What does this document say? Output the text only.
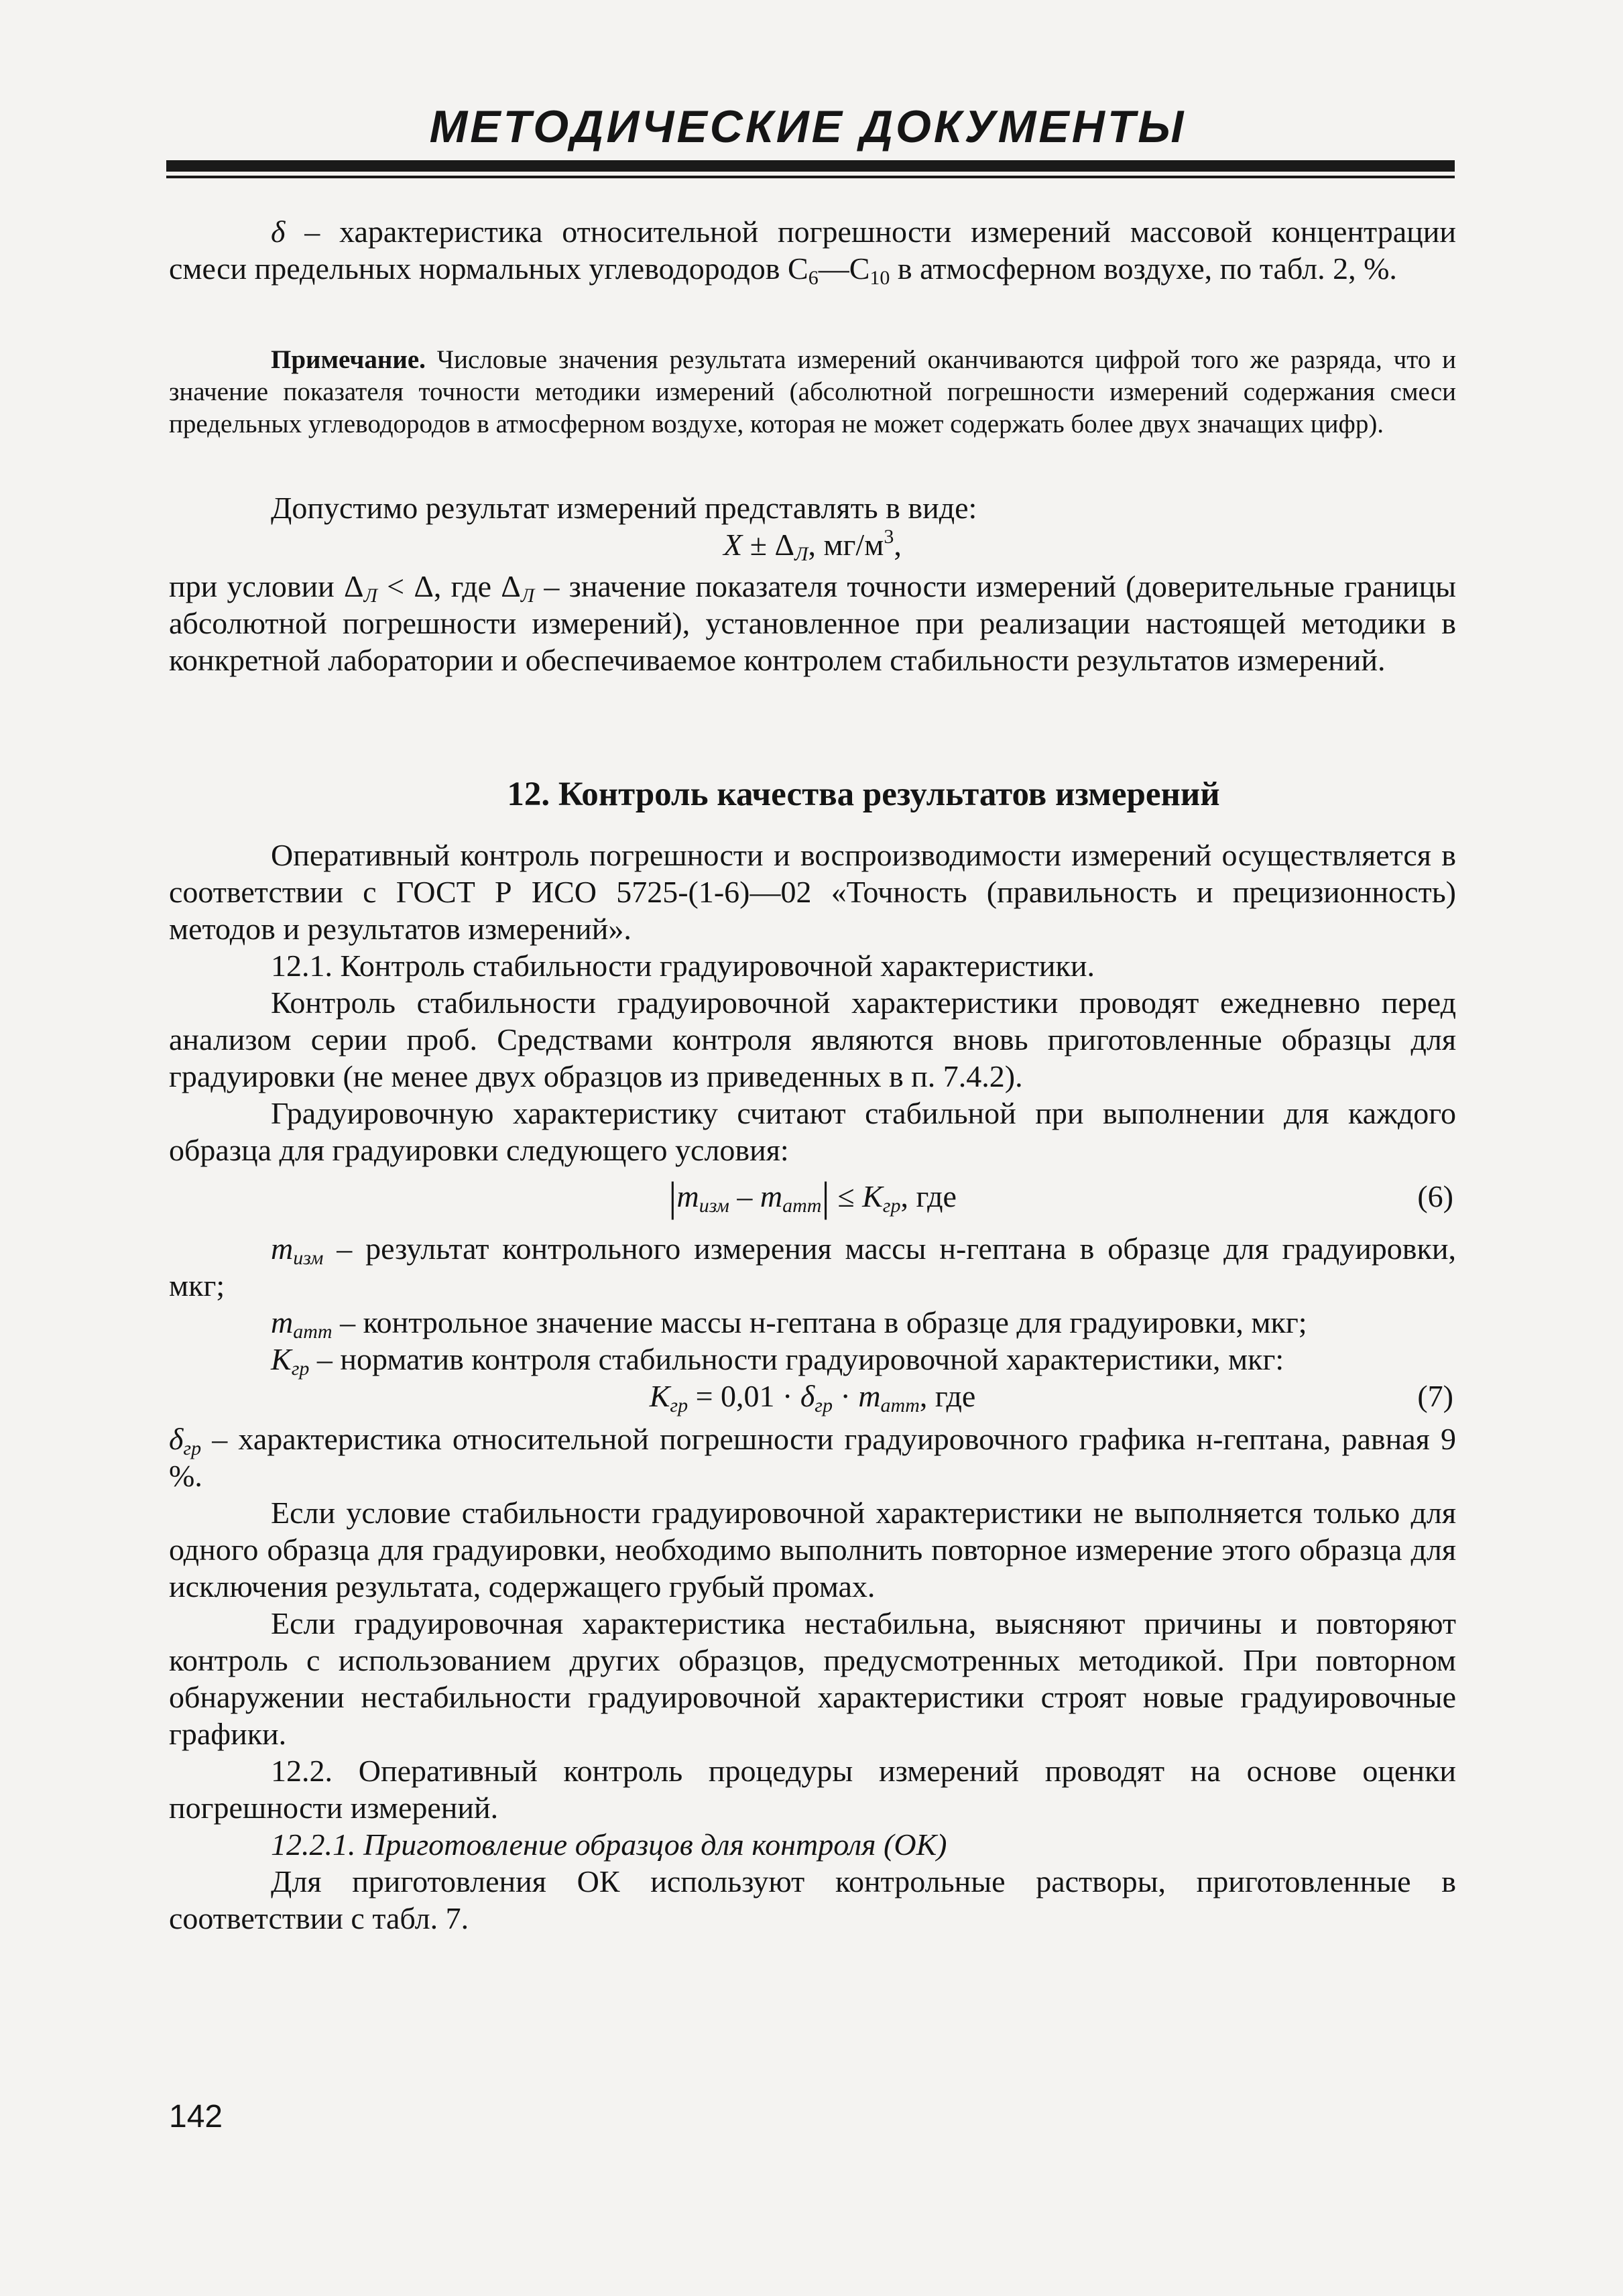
МЕТОДИЧЕСКИЕ ДОКУМЕНТЫ

δ – характеристика относительной погрешности измерений массовой концентрации смеси предельных нормальных углеводородов $С_6—С_{10}$ в атмосферном воздухе, по табл. 2, %.

Примечание. Числовые значения результата измерений оканчиваются цифрой того же разряда, что и значение показателя точности методики измерений (абсолютной погрешности измерений содержания смеси предельных углеводородов в атмосферном воздухе, которая не может содержать более двух значащих цифр).

Допустимо результат измерений представлять в виде:

$X \pm \Delta_Л$, $мг/м^3$,

при условии $\Delta_Л < \Delta$, где $\Delta_Л$ – значение показателя точности измерений (доверительные границы абсолютной погрешности измерений), установленное при реализации настоящей методики в конкретной лаборатории и обеспечиваемое контролем стабильности результатов измерений.

12. Контроль качества результатов измерений

Оперативный контроль погрешности и воспроизводимости измерений осуществляется в соответствии с ГОСТ Р ИСО 5725-(1-6)—02 «Точность (правильность и прецизионность) методов и результатов измерений».

12.1. Контроль стабильности градуировочной характеристики.

Контроль стабильности градуировочной характеристики проводят ежедневно перед анализом серии проб. Средствами контроля являются вновь приготовленные образцы для градуировки (не менее двух образцов из приведенных в п. 7.4.2).

Градуировочную характеристику считают стабильной при выполнении для каждого образца для градуировки следующего условия:

$|m_{изм} - m_{атт}| \le K_{гр}$, где	(6)

$m_{изм}$ – результат контрольного измерения массы н-гептана в образце для градуировки, мкг;

$m_{атт}$ – контрольное значение массы н-гептана в образце для градуировки, мкг;

$K_{гр}$ – норматив контроля стабильности градуировочной характеристики, мкг:

$K_{гр} = 0,01 \cdot \delta_{гр} \cdot m_{атт}$, где	(7)

$\delta_{гр}$ – характеристика относительной погрешности градуировочного графика н-гептана, равная 9 %.

Если условие стабильности градуировочной характеристики не выполняется только для одного образца для градуировки, необходимо выполнить повторное измерение этого образца для исключения результата, содержащего грубый промах.

Если градуировочная характеристика нестабильна, выясняют причины и повторяют контроль с использованием других образцов, предусмотренных методикой. При повторном обнаружении нестабильности градуировочной характеристики строят новые градуировочные графики.

12.2. Оперативный контроль процедуры измерений проводят на основе оценки погрешности измерений.

12.2.1. Приготовление образцов для контроля (ОК)

Для приготовления ОК используют контрольные растворы, приготовленные в соответствии с табл. 7.

142
